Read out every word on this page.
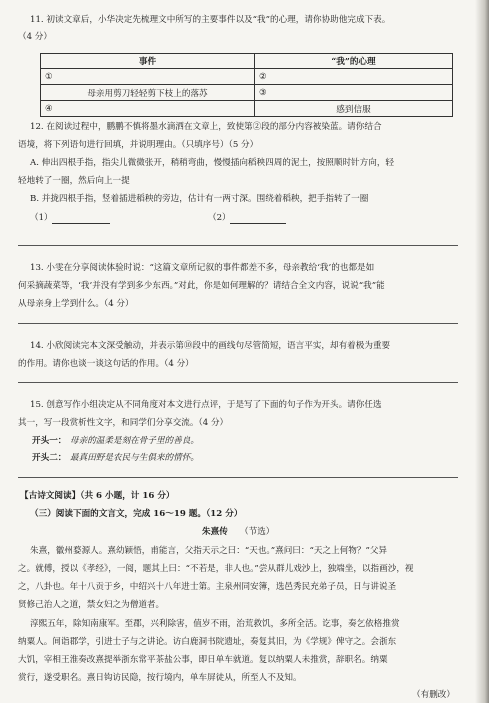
11. 初读文章后，小华决定先梳理文中所写的主要事件以及“我”的心理，请你协助他完成下表。
（4 分）
事件	“我”的心理
①	②
母亲用剪刀轻轻剪下枝上的落苏	③
④	感到信服
12. 在阅读过程中，鹏鹏不慎将墨水滴洒在文章上，致使第②段的部分内容被染蓝。请你结合
语境，将下列语句进行回填，并说明理由。（只填序号）（5 分）
A. 伸出四根手指，指尖儿微微张开，稍稍弯曲，慢慢插向稻秧四周的泥土，按照顺时针方向，轻
轻地转了一圈，然后向上一提
B. 并拢四根手指，竖着插进稻秧的旁边，估计有一两寸深。围绕着稻秧，把手指转了一圈
（1）	（2）
13. 小雯在分享阅读体验时说：“这篇文章所记叙的事件都差不多，母亲教给‘我’的也都是如
何采摘蔬菜等，‘我’并没有学到多少东西。”对此，你是如何理解的？请结合全文内容，说说“我”能
从母亲身上学到什么。（4 分）
14. 小欣阅读完本文深受触动，并表示第⑩段中的画线句尽管简短，语言平实，却有着极为重要
的作用。请你也谈一谈这句话的作用。（4 分）
15. 创意写作小组决定从不同角度对本文进行点评，于是写了下面的句子作为开头。请你任选
其一，写一段赏析性文字，和同学们分享交流。（4 分）
开头一： 母亲的温柔是刻在骨子里的善良。
开头二： 最真田野是农民与生俱来的情怀。
【古诗文阅读】（共 6 小题，计 16 分）
（三）阅读下面的文言文，完成 16～19 题。（12 分）
朱熹传 （节选）
朱熹，徽州婺源人。熹幼颖悟，甫能言，父指天示之曰：“天也。”熹问曰：“天之上何物？”父异
之。就傅，授以《孝经》，一阅，题其上曰：“不若是，非人也。”尝从群儿戏沙上，独端坐，以指画沙，视
之，八卦也。年十八贡于乡，中绍兴十八年进士第。主泉州同安簿，选邑秀民充弟子员，日与讲说圣
贤修己治人之道，禁女妇之为僧道者。
淳熙五年，除知南康军。至郡，兴利除害，值岁不雨，治荒救饥，多所全活。讫事，奏乞依格推赏
纳粟人。间诣郡学，引进士子与之讲论。访白鹿洞书院遗址，奏复其旧，为《学规》俾守之。会浙东
大饥，宰相王淮奏改熹提举浙东常平茶盐公事，即日单车就道。复以纳粟人未推赏，辞职名。纳粟
赏行，遂受职名。熹日钩访民隐，按行境内，单车屏徒从，所至人不及知。
（有删改）
